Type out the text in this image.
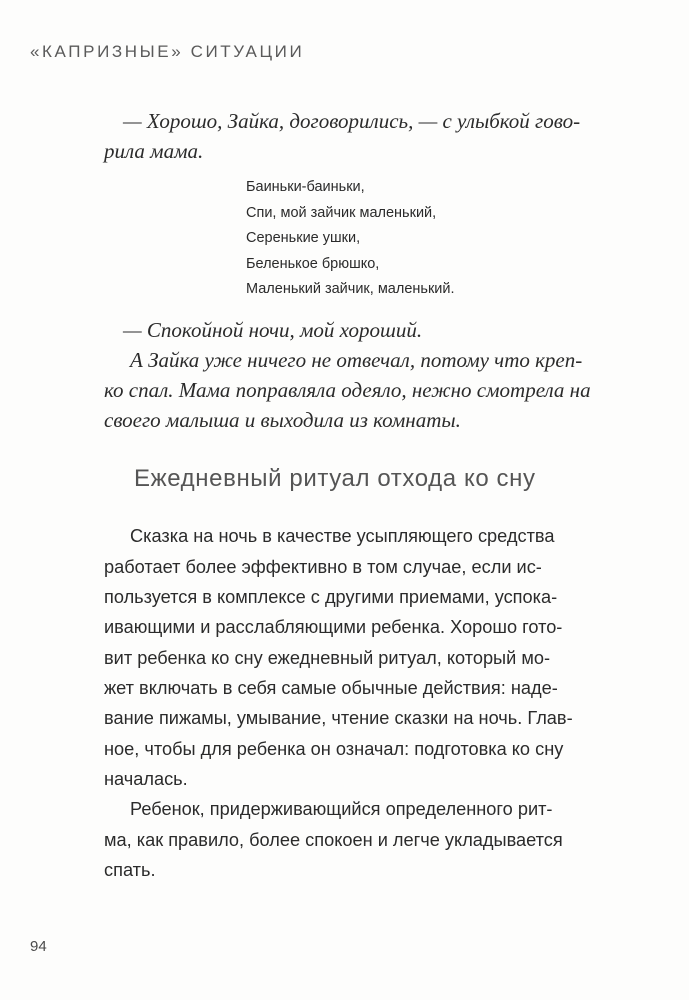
«КАПРИЗНЫЕ» СИТУАЦИИ
— Хорошо, Зайка, договорились, — с улыбкой гово-
рила мама.
Баиньки-баиньки,
Спи, мой зайчик маленький,
Серенькие ушки,
Беленькое брюшко,
Маленький зайчик, маленький.
— Спокойной ночи, мой хороший.
А Зайка уже ничего не отвечал, потому что креп-
ко спал. Мама поправляла одеяло, нежно смотрела на
своего малыша и выходила из комнаты.
Ежедневный ритуал отхода ко сну
Сказка на ночь в качестве усыпляющего средства
работает более эффективно в том случае, если ис-
пользуется в комплексе с другими приемами, успока-
ивающими и расслабляющими ребенка. Хорошо гото-
вит ребенка ко сну ежедневный ритуал, который мо-
жет включать в себя самые обычные действия: наде-
вание пижамы, умывание, чтение сказки на ночь. Глав-
ное, чтобы для ребенка он означал: подготовка ко сну
началась.
Ребенок, придерживающийся определенного рит-
ма, как правило, более спокоен и легче укладывается
спать.
94
